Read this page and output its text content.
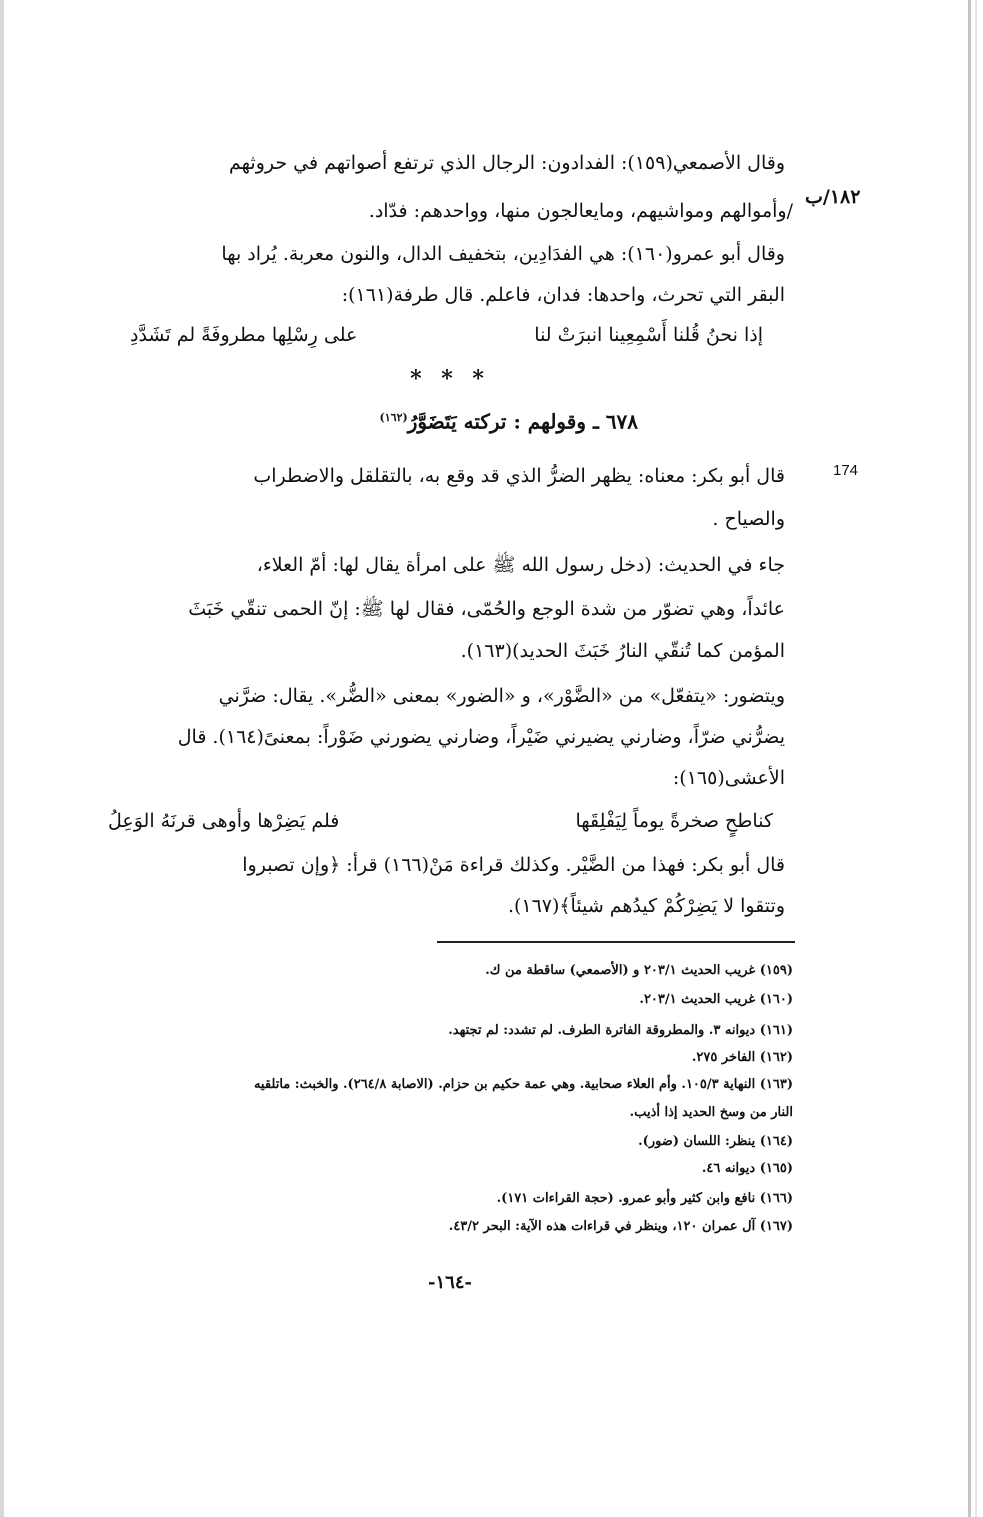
وقال الأصمعي(١٥٩): الفدادون: الرجال الذي ترتفع أصواتهم في حروثهم
١٨٢/ب
/وأموالهم ومواشيهم، ومايعالجون منها، وواحدهم: فدّاد.
وقال أبو عمرو(١٦٠): هي الفدَادِين، بتخفيف الدال، والنون معربة. يُراد بها
البقر التي تحرث، واحدها: فدان، فاعلم. قال طرفة(١٦١):
إذا نحنُ قُلنا أَسْمِعِينا انبرَتْ لنا
على رِسْلِها مطروفَةً لم تَشَدَّدِ
* * *
٦٧٨ ـ وقولهم : تركته يَتَضَوَّرُ$^{(١٦٢)}$
174
قال أبو بكر: معناه: يظهر الضرُّ الذي قد وقع به، بالتقلقل والاضطراب
والصياح .
جاء في الحديث: (دخل رسول الله ﷺ على امرأة يقال لها: أمّ العلاء،
عائداً، وهي تضوّر من شدة الوجع والحُمّى، فقال لها ﷺ: إنّ الحمى تنقّي خَبَثَ
المؤمن كما تُنقّي النارُ خَبَثَ الحديد)(١٦٣).
ويتضور: «يتفعّل» من «الضَّوْر»، و «الضور» بمعنى «الضُّر». يقال: ضرَّني
يضرُّني ضرّاً، وضارني يضيرني ضَيْراً، وضارني يضورني ضَوْراً: بمعنىً(١٦٤). قال
الأعشى(١٦٥):
كناطحٍ صخرةً يوماً لِيَفْلِقَها
فلم يَضِرْها وأوهى قرنَهُ الوَعِلُ
قال أبو بكر: فهذا من الضَّيْر. وكذلك قراءة مَنْ(١٦٦) قرأ: ﴿وإن تصبروا
وتتقوا لا يَضِرْكُمْ كيدُهم شيئاً﴾(١٦٧).
(١٥٩) غريب الحديث ٢٠٣/١ و (الأصمعي) ساقطة من ك.
(١٦٠) غريب الحديث ٢٠٣/١.
(١٦١) ديوانه ٣. والمطروقة الفاترة الطرف. لم تشدد: لم تجتهد.
(١٦٢) الفاخر ٢٧٥.
(١٦٣) النهاية ١٠٥/٣. وأم العلاء صحابية. وهي عمة حكيم بن حزام. (الاصابة ٢٦٤/٨). والخبث: ماتلقيه
النار من وسخ الحديد إذا أذيب.
(١٦٤) ينظر: اللسان (ضور).
(١٦٥) ديوانه ٤٦.
(١٦٦) نافع وابن كثير وأبو عمرو. (حجة القراءات ١٧١).
(١٦٧) آل عمران ١٢٠، وينظر في قراءات هذه الآية: البحر ٤٣/٢.
-١٦٤-
